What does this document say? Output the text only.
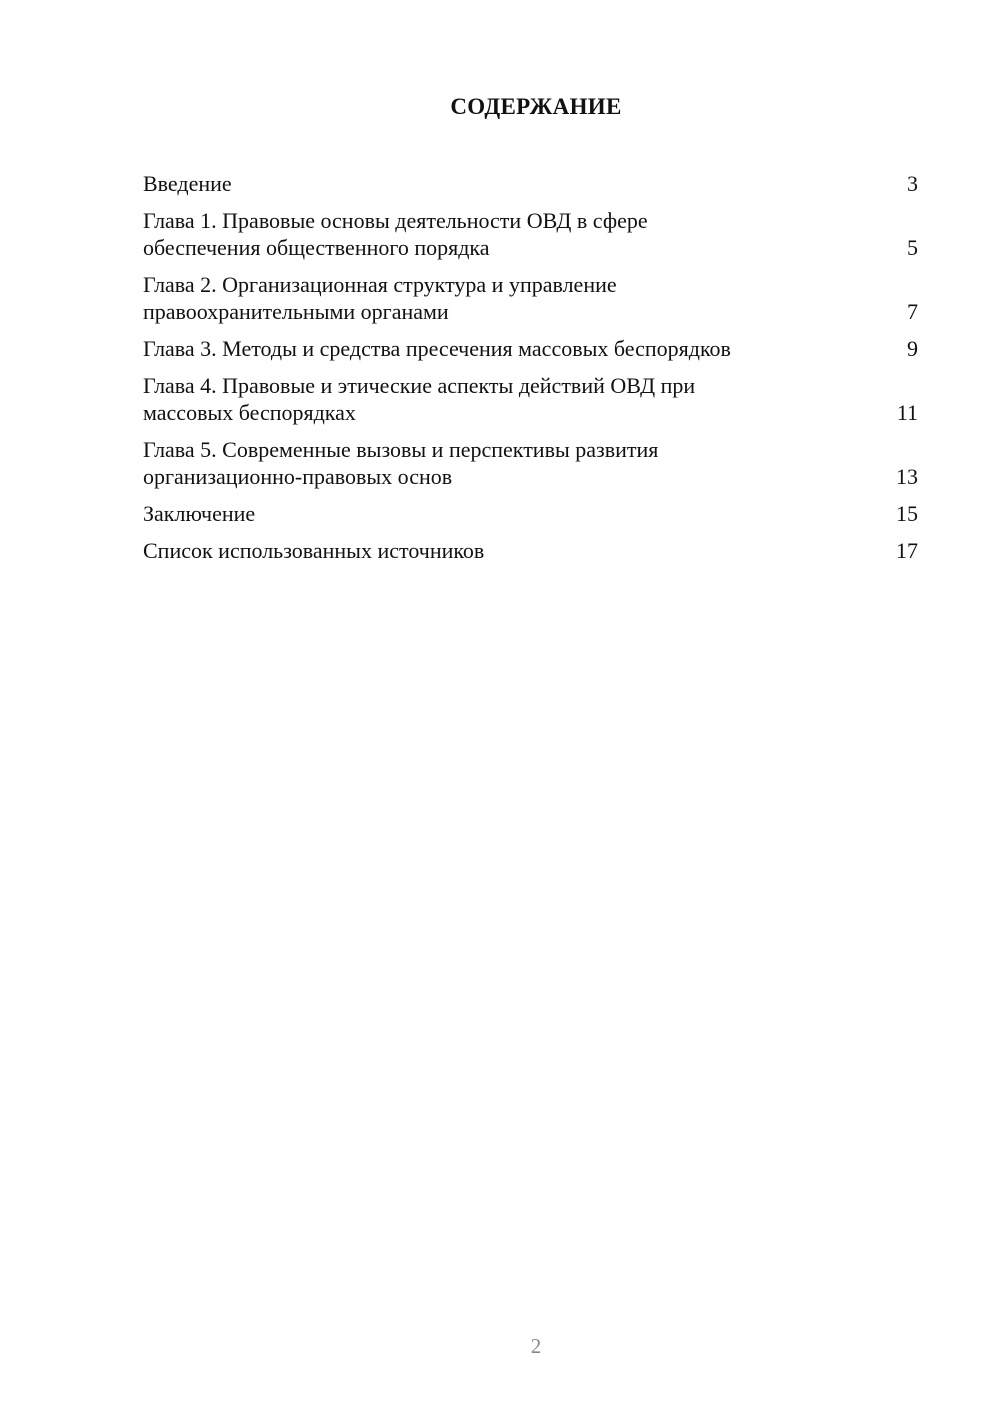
СОДЕРЖАНИЕ
Введение	3
Глава 1. Правовые основы деятельности ОВД в сфере обеспечения общественного порядка	5
Глава 2. Организационная структура и управление правоохранительными органами	7
Глава 3. Методы и средства пресечения массовых беспорядков	9
Глава 4. Правовые и этические аспекты действий ОВД при массовых беспорядках	11
Глава 5. Современные вызовы и перспективы развития организационно-правовых основ	13
Заключение	15
Список использованных источников	17
2
